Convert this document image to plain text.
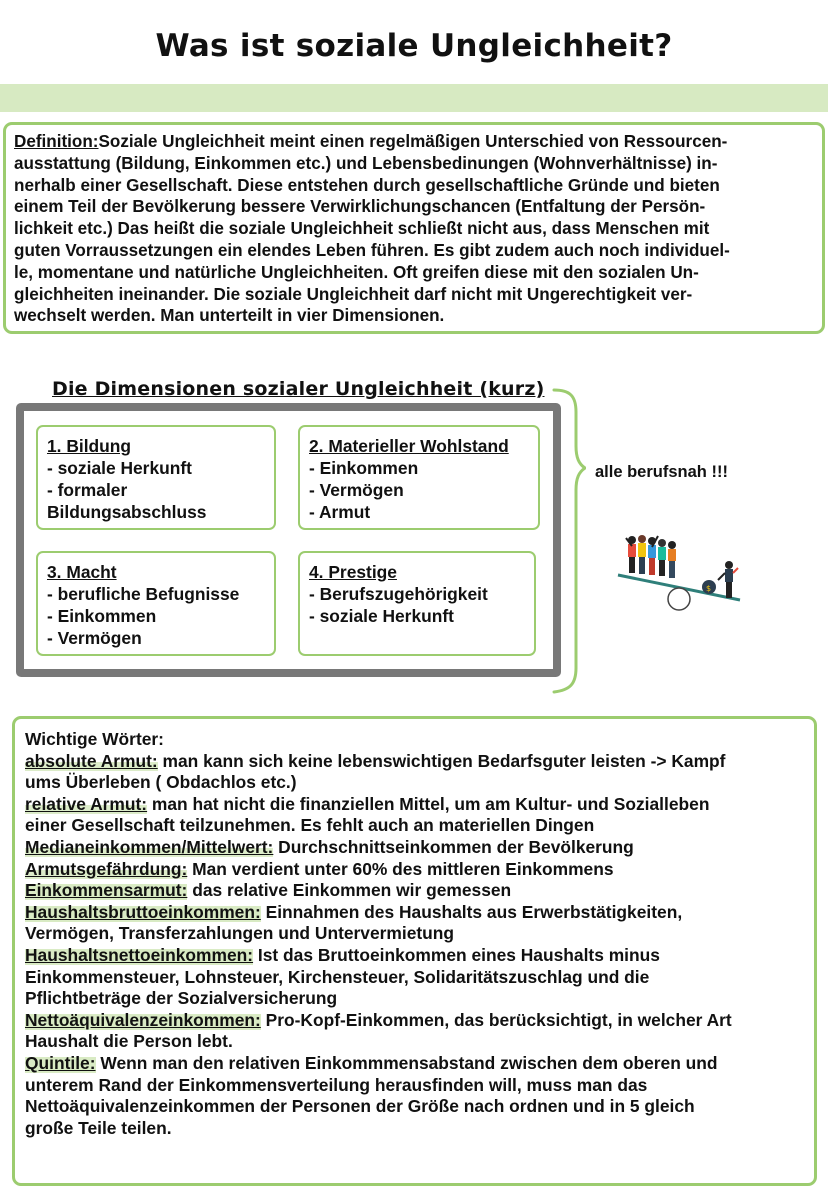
Was ist soziale Ungleichheit?
Definition:Soziale Ungleichheit meint einen regelmäßigen Unterschied von Ressourcen-
ausstattung (Bildung, Einkommen etc.) und Lebensbedinungen (Wohnverhältnisse) in-
nerhalb einer Gesellschaft. Diese entstehen durch gesellschaftliche Gründe und bieten
einem Teil der Bevölkerung bessere Verwirklichungschancen (Entfaltung der Persön-
lichkeit etc.) Das heißt die soziale Ungleichheit schließt nicht aus, dass Menschen mit
guten Vorraussetzungen ein elendes Leben führen. Es gibt zudem auch noch individuel-
le, momentane und natürliche Ungleichheiten. Oft greifen diese mit den sozialen Un-
gleichheiten ineinander. Die soziale Ungleichheit darf nicht mit Ungerechtigkeit ver-
wechselt werden. Man unterteilt in vier Dimensionen.
Die Dimensionen sozialer Ungleichheit (kurz)
1. Bildung
- soziale Herkunft
- formaler
Bildungsabschluss
2. Materieller Wohlstand
- Einkommen
- Vermögen
- Armut
3. Macht
- berufliche Befugnisse
- Einkommen
- Vermögen
4. Prestige
- Berufszugehörigkeit
- soziale Herkunft
alle berufsnah !!!
$
Wichtige Wörter:
absolute Armut: man kann sich keine lebenswichtigen Bedarfsguter leisten -> Kampf
ums Überleben ( Obdachlos etc.)
relative Armut: man hat nicht die finanziellen Mittel, um am Kultur- und Sozialleben
einer Gesellschaft teilzunehmen. Es fehlt auch an materiellen Dingen
Medianeinkommen/Mittelwert: Durchschnittseinkommen der Bevölkerung
Armutsgefährdung: Man verdient unter 60% des mittleren Einkommens
Einkommensarmut: das relative Einkommen wir gemessen
Haushaltsbruttoeinkommen: Einnahmen des Haushalts aus Erwerbstätigkeiten,
Vermögen, Transferzahlungen und Untervermietung
Haushaltsnettoeinkommen: Ist das Bruttoeinkommen eines Haushalts minus
Einkommensteuer, Lohnsteuer, Kirchensteuer, Solidaritätszuschlag und die
Pflichtbeträge der Sozialversicherung
Nettoäquivalenzeinkommen: Pro-Kopf-Einkommen, das berücksichtigt, in welcher Art
Haushalt die Person lebt.
Quintile: Wenn man den relativen Einkommmensabstand zwischen dem oberen und
unterem Rand der Einkommensverteilung herausfinden will, muss man das
Nettoäquivalenzeinkommen der Personen der Größe nach ordnen und in 5 gleich
große Teile teilen.
